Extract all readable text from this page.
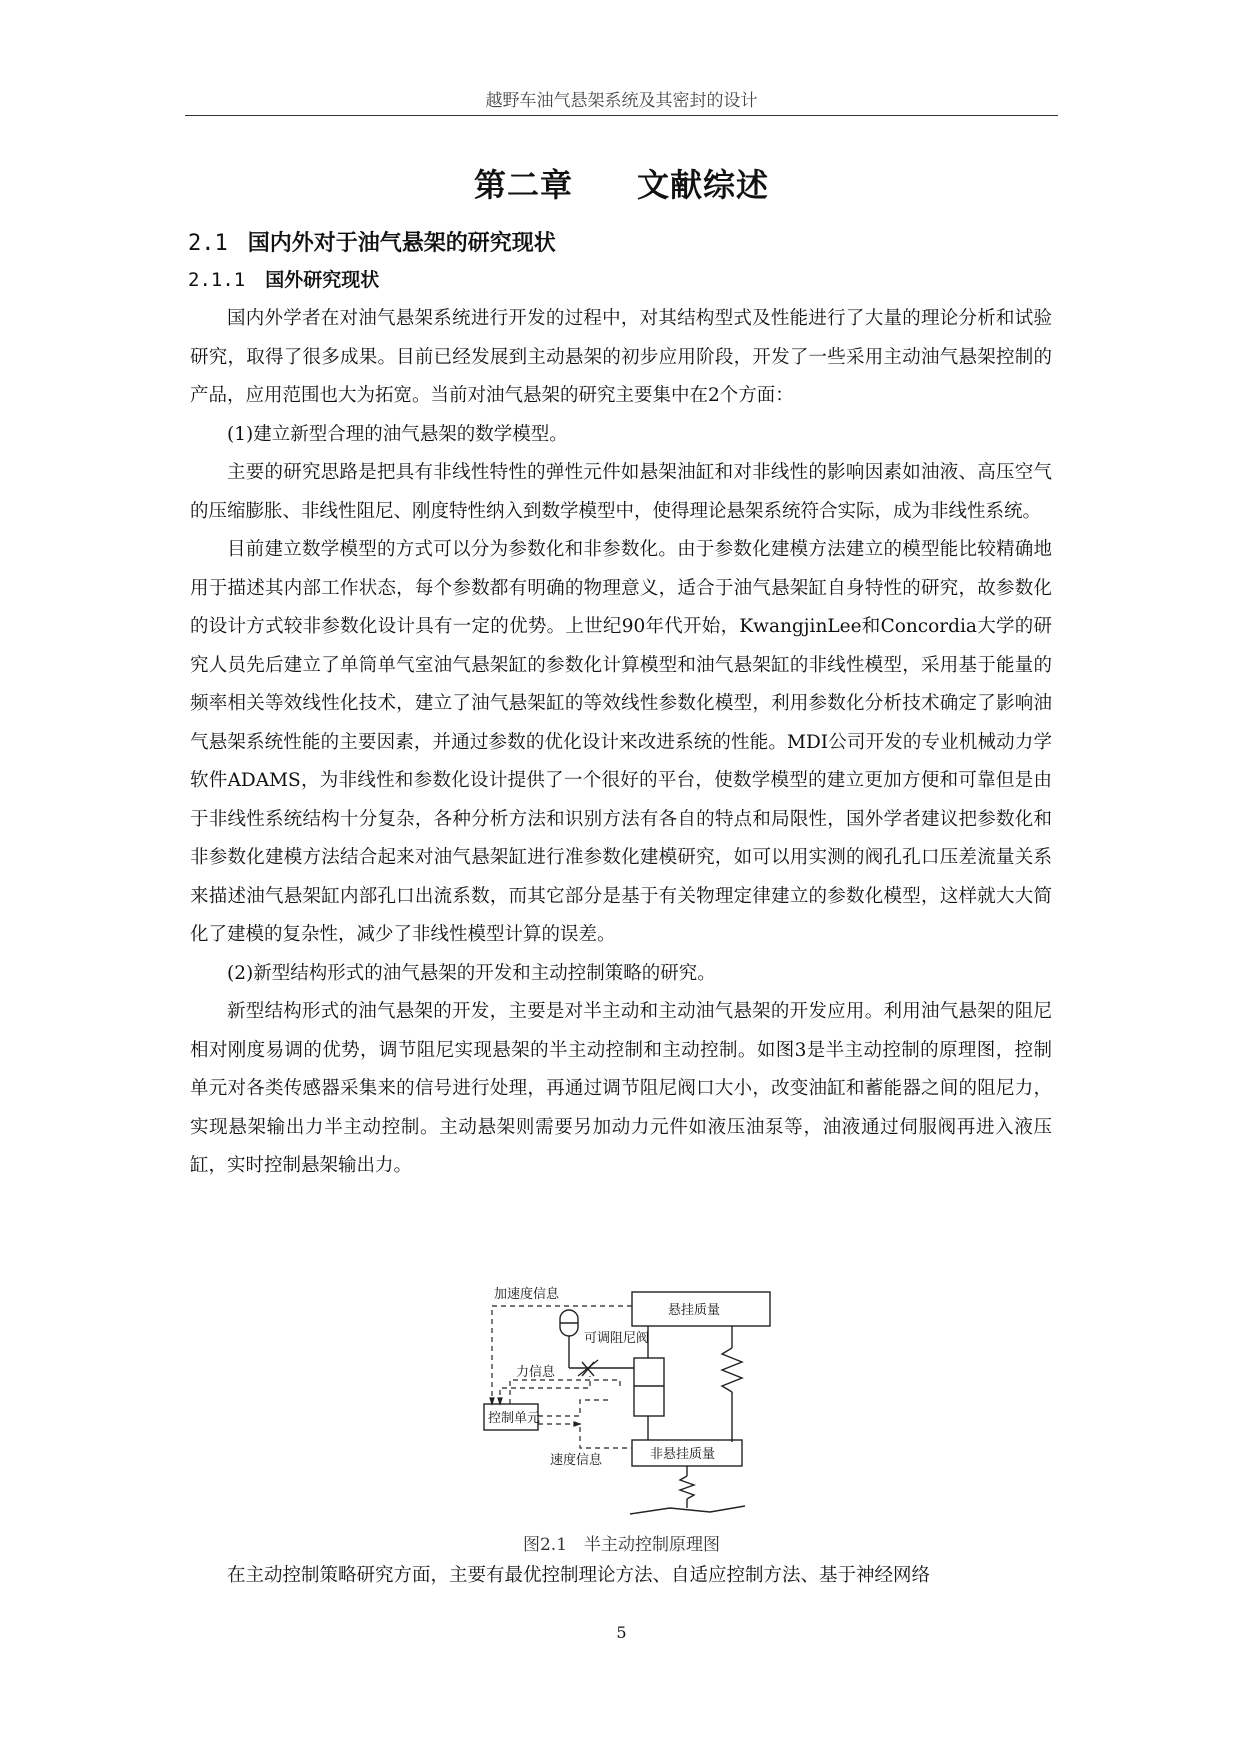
越野车油气悬架系统及其密封的设计
第二章 文献综述
2.1 国内外对于油气悬架的研究现状
2.1.1 国外研究现状

国内外学者在对油气悬架系统进行开发的过程中，对其结构型式及性能进行了大量的理论分析和试验研究，取得了很多成果。目前已经发展到主动悬架的初步应用阶段，开发了一些采用主动油气悬架控制的产品，应用范围也大为拓宽。当前对油气悬架的研究主要集中在2个方面：

(1)建立新型合理的油气悬架的数学模型。

主要的研究思路是把具有非线性特性的弹性元件如悬架油缸和对非线性的影响因素如油液、高压空气的压缩膨胀、非线性阻尼、刚度特性纳入到数学模型中，使得理论悬架系统符合实际，成为非线性系统。

目前建立数学模型的方式可以分为参数化和非参数化。由于参数化建模方法建立的模型能比较精确地用于描述其内部工作状态，每个参数都有明确的物理意义，适合于油气悬架缸自身特性的研究，故参数化的设计方式较非参数化设计具有一定的优势。上世纪90年代开始，KwangjinLee和Concordia大学的研究人员先后建立了单筒单气室油气悬架缸的参数化计算模型和油气悬架缸的非线性模型，采用基于能量的频率相关等效线性化技术，建立了油气悬架缸的等效线性参数化模型，利用参数化分析技术确定了影响油气悬架系统性能的主要因素，并通过参数的优化设计来改进系统的性能。MDI公司开发的专业机械动力学软件ADAMS，为非线性和参数化设计提供了一个很好的平台，使数学模型的建立更加方便和可靠但是由于非线性系统结构十分复杂，各种分析方法和识别方法有各自的特点和局限性，国外学者建议把参数化和非参数化建模方法结合起来对油气悬架缸进行准参数化建模研究，如可以用实测的阀孔孔口压差流量关系来描述油气悬架缸内部孔口出流系数，而其它部分是基于有关物理定律建立的参数化模型，这样就大大简化了建模的复杂性，减少了非线性模型计算的误差。

(2)新型结构形式的油气悬架的开发和主动控制策略的研究。

新型结构形式的油气悬架的开发，主要是对半主动和主动油气悬架的开发应用。利用油气悬架的阻尼相对刚度易调的优势，调节阻尼实现悬架的半主动控制和主动控制。如图3是半主动控制的原理图，控制单元对各类传感器采集来的信号进行处理，再通过调节阻尼阀口大小，改变油缸和蓄能器之间的阻尼力，实现悬架输出力半主动控制。主动悬架则需要另加动力元件如液压油泵等，油液通过伺服阀再进入液压缸，实时控制悬架输出力。

加速度信息
悬挂质量
可调阻尼阀
力信息
控制单元
速度信息	非悬挂质量
图2.1　半主动控制原理图

在主动控制策略研究方面，主要有最优控制理论方法、自适应控制方法、基于神经网络

5
